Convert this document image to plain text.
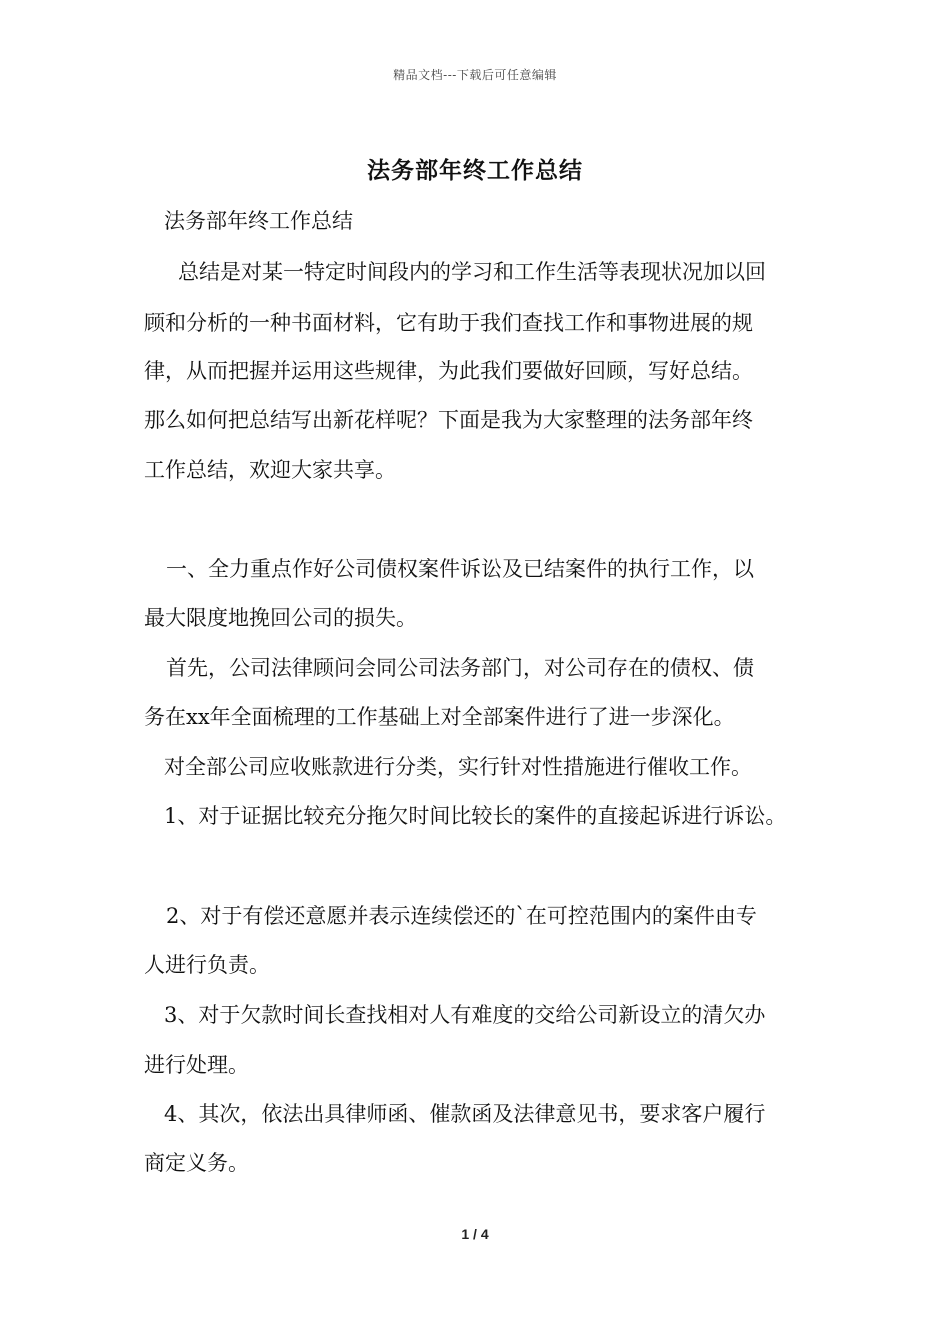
精品文档---下载后可任意编辑
法务部年终工作总结
法务部年终工作总结
总结是对某一特定时间段内的学习和工作生活等表现状况加以回
顾和分析的一种书面材料，它有助于我们查找工作和事物进展的规
律，从而把握并运用这些规律，为此我们要做好回顾，写好总结。
那么如何把总结写出新花样呢？下面是我为大家整理的法务部年终
工作总结，欢迎大家共享。
一、全力重点作好公司债权案件诉讼及已结案件的执行工作，以
最大限度地挽回公司的损失。
首先，公司法律顾问会同公司法务部门，对公司存在的债权、债
务在xx年全面梳理的工作基础上对全部案件进行了进一步深化。
对全部公司应收账款进行分类，实行针对性措施进行催收工作。
1、对于证据比较充分拖欠时间比较长的案件的直接起诉进行诉讼。
2、对于有偿还意愿并表示连续偿还的`在可控范围内的案件由专
人进行负责。
3、对于欠款时间长查找相对人有难度的交给公司新设立的清欠办
进行处理。
4、其次，依法出具律师函、催款函及法律意见书，要求客户履行
商定义务。
1 / 4
